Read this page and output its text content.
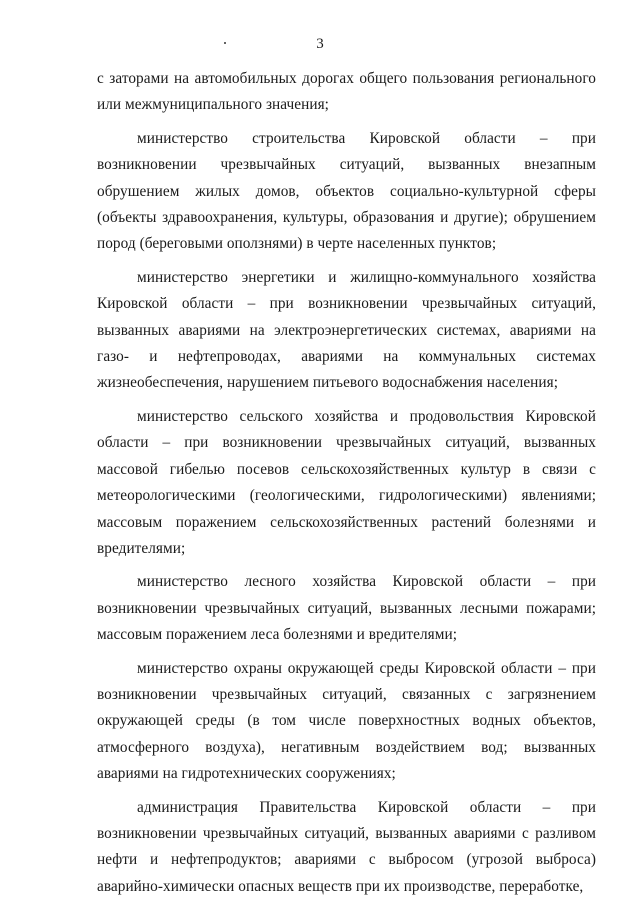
3

с заторами на автомобильных дорогах общего пользования регионального или межмуниципального значения;

министерство строительства Кировской области – при возникновении чрезвычайных ситуаций, вызванных внезапным обрушением жилых домов, объектов социально-культурной сферы (объекты здравоохранения, культуры, образования и другие); обрушением пород (береговыми оползнями) в черте населенных пунктов;

министерство энергетики и жилищно-коммунального хозяйства Кировской области – при возникновении чрезвычайных ситуаций, вызванных авариями на электроэнергетических системах, авариями на газо- и нефтепроводах, авариями на коммунальных системах жизнеобеспечения, нарушением питьевого водоснабжения населения;

министерство сельского хозяйства и продовольствия Кировской области – при возникновении чрезвычайных ситуаций, вызванных массовой гибелью посевов сельскохозяйственных культур в связи с метеорологическими (геологическими, гидрологическими) явлениями; массовым поражением сельскохозяйственных растений болезнями и вредителями;

министерство лесного хозяйства Кировской области – при возникновении чрезвычайных ситуаций, вызванных лесными пожарами; массовым поражением леса болезнями и вредителями;

министерство охраны окружающей среды Кировской области – при возникновении чрезвычайных ситуаций, связанных с загрязнением окружающей среды (в том числе поверхностных водных объектов, атмосферного воздуха), негативным воздействием вод; вызванных авариями на гидротехнических сооружениях;

администрация Правительства Кировской области – при возникновении чрезвычайных ситуаций, вызванных авариями с разливом нефти и нефтепродуктов; авариями с выбросом (угрозой выброса) аварийно-химически опасных веществ при их производстве, переработке,
